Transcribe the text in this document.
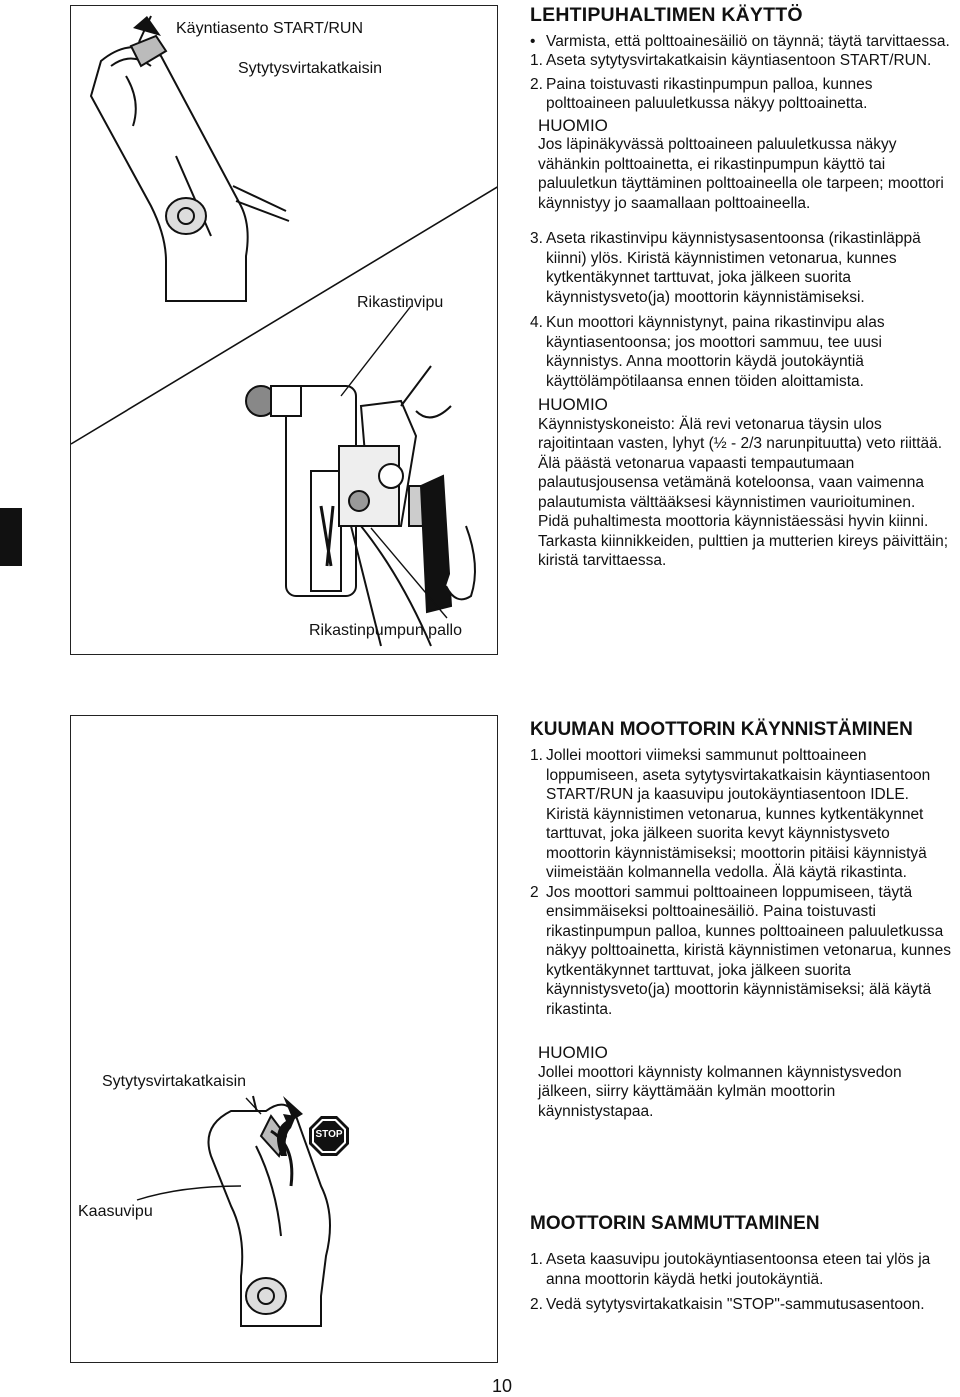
Käyntiasento START/RUN
Sytytysvirtakatkaisin
Rikastinvipu
Rikastinpumpun pallo
Sytytysvirtakatkaisin
STOP
Kaasuvipu
LEHTIPUHALTIMEN KÄYTTÖ
• Varmista, että polttoainesäiliö on täynnä; täytä tarvittaessa.
1. Aseta sytytysvirtakatkaisin käyntiasentoon START/RUN.
2. Paina toistuvasti rikastinpumpun palloa, kunnes polttoaineen paluuletkussa näkyy polttoainetta.
HUOMIO

Jos läpinäkyvässä polttoaineen paluuletkussa näkyy vähänkin polttoainetta, ei rikastinpumpun käyttö tai paluuletkun täyttäminen polttoaineella ole tarpeen; moottori käynnistyy jo saamallaan polttoaineella.

3. Aseta rikastinvipu käynnistysasentoonsa (rikastinläppä kiinni) ylös. Kiristä käynnistimen vetonarua, kunnes kytkentäkynnet tarttuvat, joka jälkeen suorita käynnistysveto(ja) moottorin käynnistämiseksi.
4. Kun moottori käynnistynyt, paina rikastinvipu alas käyntiasentoonsa; jos moottori sammuu, tee uusi käynnistys. Anna moottorin käydä joutokäyntiä käyttölämpötilaansa ennen töiden aloittamista.
HUOMIO

Käynnistyskoneisto: Älä revi vetonarua täysin ulos rajoitintaan vasten, lyhyt (½ - 2/3 narunpituutta) veto riittää. Älä päästä vetonarua vapaasti tempautumaan palautusjousensa vetämänä koteloonsa, vaan vaimenna palautumista välttääksesi käynnistimen vaurioituminen.

Pidä puhaltimesta moottoria käynnistäessäsi hyvin kiinni.

Tarkasta kiinnikkeiden, pulttien ja mutterien kireys päivittäin; kiristä tarvittaessa.

KUUMAN MOOTTORIN KÄYNNISTÄMINEN
1. Jollei moottori viimeksi sammunut polttoaineen loppumiseen, aseta sytytysvirtakatkaisin käyntiasentoon START/RUN ja kaasuvipu joutokäyntiasentoon IDLE. Kiristä käynnistimen vetonarua, kunnes kytkentäkynnet tarttuvat, joka jälkeen suorita kevyt käynnistysveto moottorin käynnistämiseksi; moottorin pitäisi käynnistyä viimeistään kolmannella vedolla. Älä käytä rikastinta.
2 Jos moottori sammui polttoaineen loppumiseen, täytä ensimmäiseksi polttoainesäiliö. Paina toistuvasti rikastinpumpun palloa, kunnes polttoaineen paluuletkussa näkyy polttoainetta, kiristä käynnistimen vetonarua, kunnes kytkentäkynnet tarttuvat, joka jälkeen suorita käynnistysveto(ja) moottorin käynnistämiseksi; älä käytä rikastinta.
HUOMIO

Jollei moottori käynnisty kolmannen käynnistysvedon jälkeen, siirry käyttämään kylmän moottorin käynnistystapaa.

MOOTTORIN SAMMUTTAMINEN
1. Aseta kaasuvipu joutokäyntiasentoonsa eteen tai ylös ja anna moottorin käydä hetki joutokäyntiä.
2. Vedä sytytysvirtakatkaisin "STOP"-sammutusasentoon.
10
